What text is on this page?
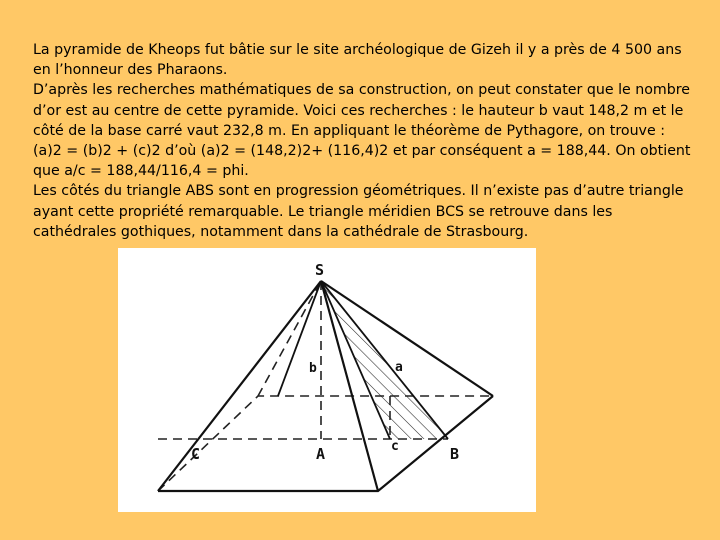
La pyramide de Kheops fut bâtie sur le site archéologique de Gizeh il y a près de 4 500 ans en l’honneur des Pharaons.

D’après les recherches mathématiques de sa construction, on peut constater que le nombre d’or est au centre de cette pyramide. Voici ces recherches : le hauteur b vaut 148,2 m et le côté de la base carré vaut 232,8 m. En appliquant le théorème de Pythagore, on trouve : (a)2 = (b)2 + (c)2 d’où (a)2 = (148,2)2+ (116,4)2 et par conséquent a = 188,44. On obtient que a/c = 188,44/116,4 = phi.

Les côtés du triangle ABS sont en progression géométriques. Il n’existe pas d’autre triangle ayant cette propriété remarquable. Le triangle méridien BCS se retrouve dans les cathédrales gothiques, notamment dans la cathédrale de Strasbourg.

S
A	B
C
a
b
c
